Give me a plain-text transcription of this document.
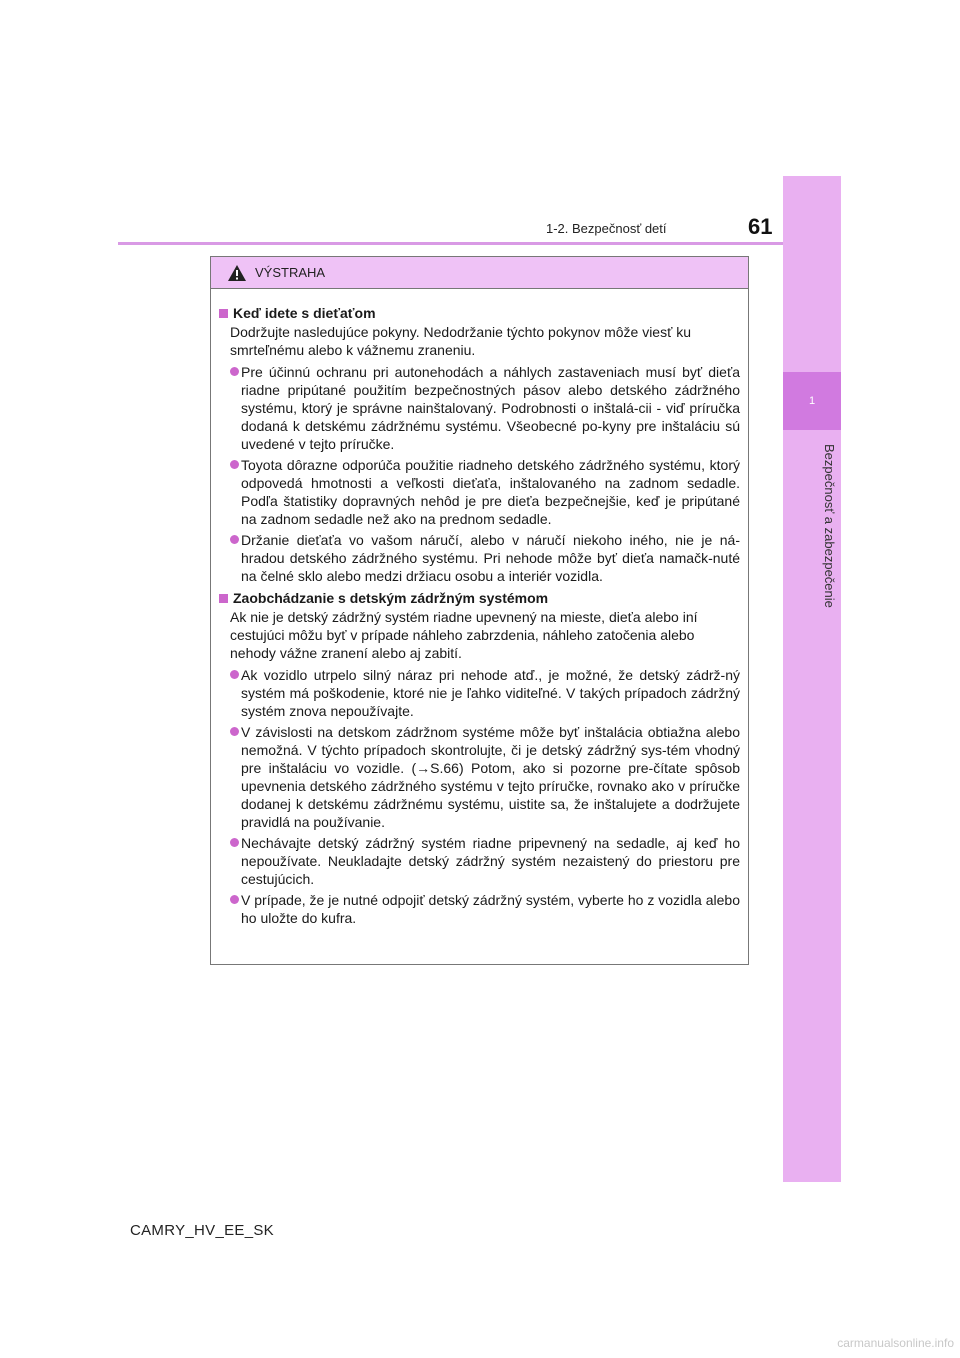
1
Bezpečnosť a zabezpečenie
1-2. Bezpečnosť detí	61
VÝSTRAHA
Keď idete s dieťaťom
Dodržujte nasledujúce pokyny. Nedodržanie týchto pokynov môže viesť ku smrteľnému alebo k vážnemu zraneniu.
Pre účinnú ochranu pri autonehodách a náhlych zastaveniach musí byť dieťa riadne pripútané použitím bezpečnostných pásov alebo detského zádržného systému, ktorý je správne nainštalovaný. Podrobnosti o inštalá-cii - viď príručka dodaná k detskému zádržnému systému. Všeobecné po-kyny pre inštaláciu sú uvedené v tejto príručke.
Toyota dôrazne odporúča použitie riadneho detského zádržného systému, ktorý odpovedá hmotnosti a veľkosti dieťaťa, inštalovaného na zadnom sedadle. Podľa štatistiky dopravných nehôd je pre dieťa bezpečnejšie, keď je pripútané na zadnom sedadle než ako na prednom sedadle.
Držanie dieťaťa vo vašom náručí, alebo v náručí niekoho iného, nie je ná-hradou detského zádržného systému. Pri nehode môže byť dieťa namačk-nuté na čelné sklo alebo medzi držiacu osobu a interiér vozidla.
Zaobchádzanie s detským zádržným systémom
Ak nie je detský zádržný systém riadne upevnený na mieste, dieťa alebo iní cestujúci môžu byť v prípade náhleho zabrzdenia, náhleho zatočenia alebo nehody vážne zranení alebo aj zabití.
Ak vozidlo utrpelo silný náraz pri nehode atď., je možné, že detský zádrž-ný systém má poškodenie, ktoré nie je ľahko viditeľné. V takých prípadoch zádržný systém znova nepoužívajte.
V závislosti na detskom zádržnom systéme môže byť inštalácia obtiažna alebo nemožná. V týchto prípadoch skontrolujte, či je detský zádržný sys-tém vhodný pre inštaláciu vo vozidle. (→S.66) Potom, ako si pozorne pre-čítate spôsob upevnenia detského zádržného systému v tejto príručke, rovnako ako v príručke dodanej k detskému zádržnému systému, uistite sa, že inštalujete a dodržujete pravidlá na používanie.
Nechávajte detský zádržný systém riadne pripevnený na sedadle, aj keď ho nepoužívate. Neukladajte detský zádržný systém nezaistený do priestoru pre cestujúcich.
V prípade, že je nutné odpojiť detský zádržný systém, vyberte ho z vozidla alebo ho uložte do kufra.
CAMRY_HV_EE_SK
carmanualsonline.info
